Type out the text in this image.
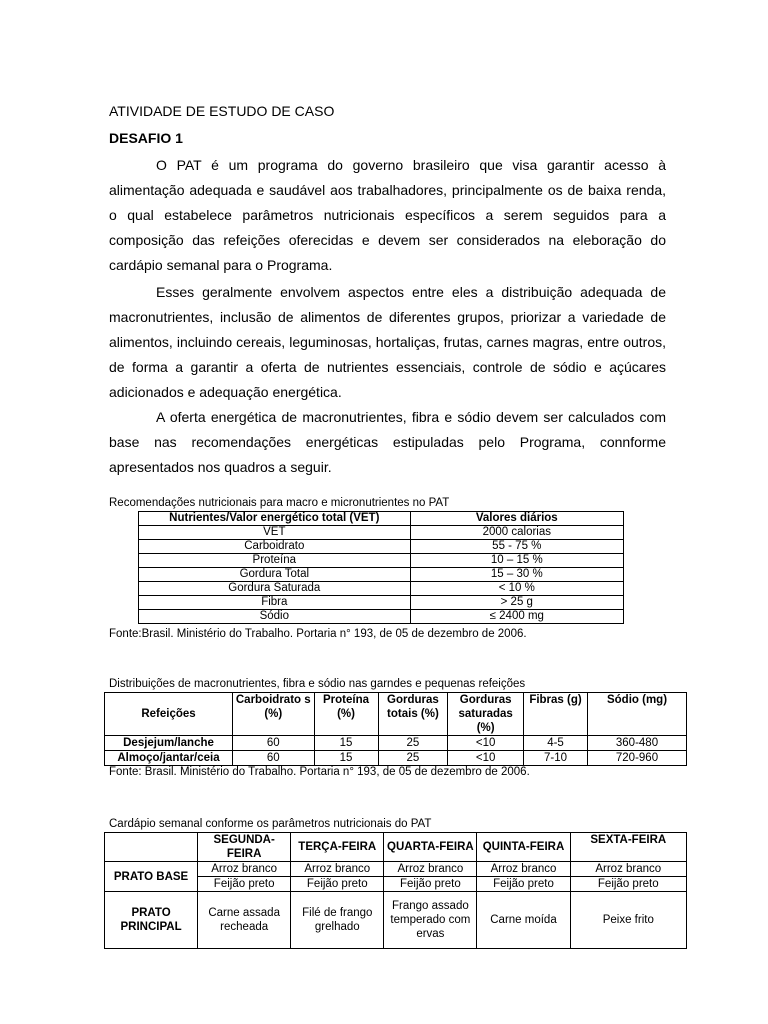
ATIVIDADE DE ESTUDO DE CASO
DESAFIO 1

O PAT é um programa do governo brasileiro que visa garantir acesso à alimentação adequada e saudável aos trabalhadores, principalmente os de baixa renda, o qual estabelece parâmetros nutricionais específicos a serem seguidos para a composição das refeições oferecidas e devem ser considerados na eleboração do cardápio semanal para o Programa.

Esses geralmente envolvem aspectos entre eles a distribuição adequada de macronutrientes, inclusão de alimentos de diferentes grupos, priorizar a variedade de alimentos, incluindo cereais, leguminosas, hortaliças, frutas, carnes magras, entre outros, de forma a garantir a oferta de nutrientes essenciais, controle de sódio e açúcares adicionados e adequação energética.

A oferta energética de macronutrientes, fibra e sódio devem ser calculados com base nas recomendações energéticas estipuladas pelo Programa, connforme apresentados nos quadros a seguir.

Recomendações nutricionais para macro e micronutrientes no PAT
Nutrientes/Valor energético total (VET)	Valores diários
VET	2000 calorias
Carboidrato	55 - 75 %
Proteína	10 – 15 %
Gordura Total	15 – 30 %
Gordura Saturada	< 10 %
Fibra	> 25 g
Sódio	≤ 2400 mg
Fonte:Brasil. Ministério do Trabalho. Portaria n° 193, de 05 de dezembro de 2006.
Distribuições de macronutrientes, fibra e sódio nas garndes e pequenas refeições
Refeições	Carboidrato s (%)	Proteína (%)	Gorduras totais (%)	Gorduras saturadas (%)	Fibras (g)	Sódio (mg)
Desjejum/lanche	60	15	25	<10	4-5	360-480
Almoço/jantar/ceia	60	15	25	<10	7-10	720-960
Fonte: Brasil. Ministério do Trabalho. Portaria n° 193, de 05 de dezembro de 2006.
Cardápio semanal conforme os parâmetros nutricionais do PAT
	SEGUNDA-FEIRA	TERÇA-FEIRA	QUARTA-FEIRA	QUINTA-FEIRA	SEXTA-FEIRA
PRATO BASE	Arroz branco	Arroz branco	Arroz branco	Arroz branco	Arroz branco
	Feijão preto	Feijão preto	Feijão preto	Feijão preto	Feijão preto
PRATO PRINCIPAL	Carne assada recheada	Filé de frango grelhado	Frango assado temperado com ervas	Carne moída	Peixe frito
